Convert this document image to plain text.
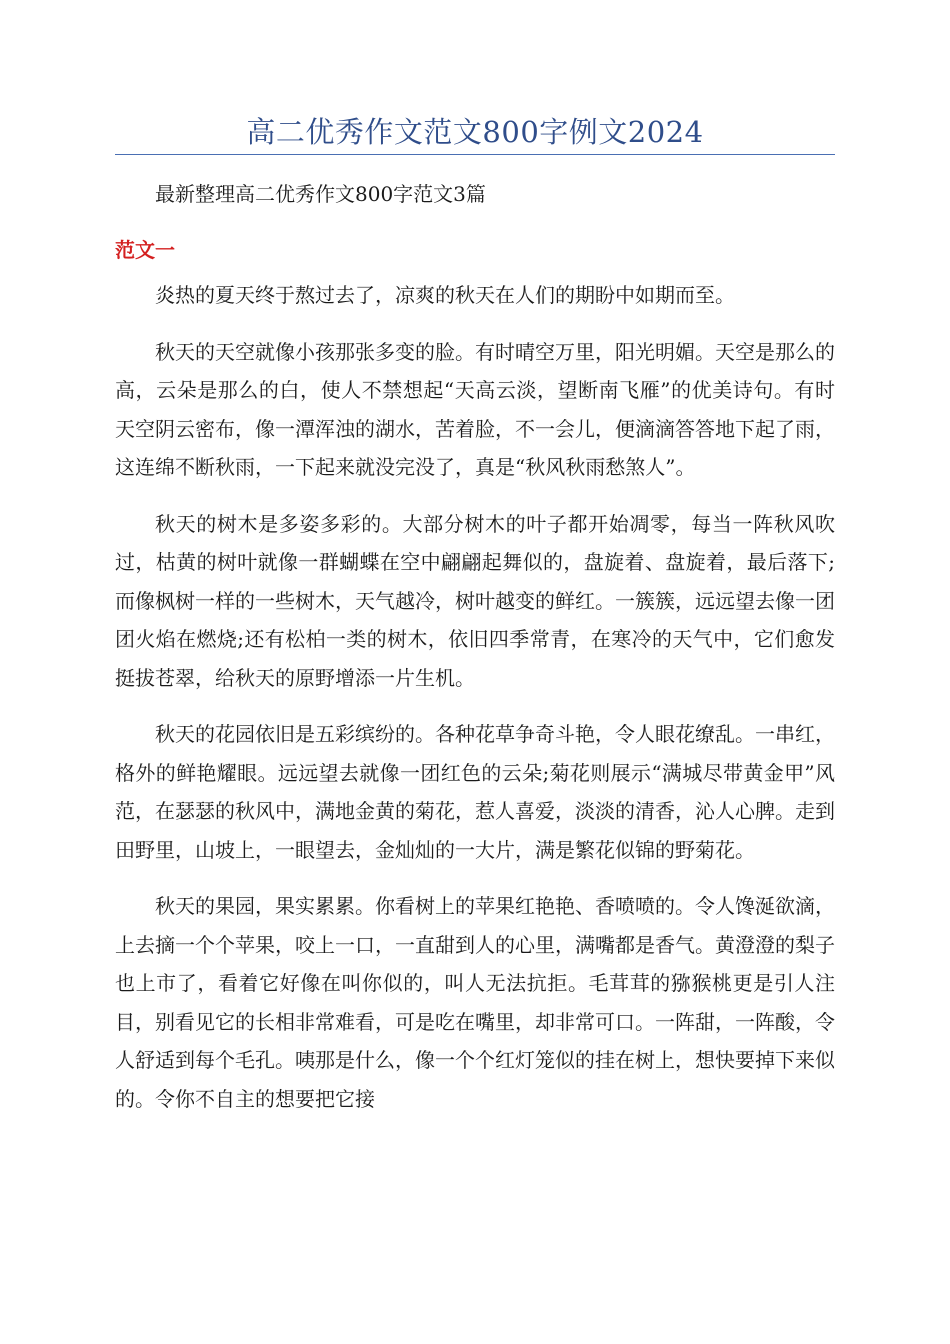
高二优秀作文范文800字例文2024

最新整理高二优秀作文800字范文3篇

范文一

炎热的夏天终于熬过去了，凉爽的秋天在人们的期盼中如期而至。

秋天的天空就像小孩那张多变的脸。有时晴空万里，阳光明媚。天空是那么的高，云朵是那么的白，使人不禁想起“天高云淡，望断南飞雁”的优美诗句。有时天空阴云密布，像一潭浑浊的湖水，苦着脸，不一会儿，便滴滴答答地下起了雨，这连绵不断秋雨，一下起来就没完没了，真是“秋风秋雨愁煞人”。

秋天的树木是多姿多彩的。大部分树木的叶子都开始凋零，每当一阵秋风吹过，枯黄的树叶就像一群蝴蝶在空中翩翩起舞似的，盘旋着、盘旋着，最后落下;而像枫树一样的一些树木，天气越冷，树叶越变的鲜红。一簇簇，远远望去像一团团火焰在燃烧;还有松柏一类的树木，依旧四季常青，在寒冷的天气中，它们愈发挺拔苍翠，给秋天的原野增添一片生机。

秋天的花园依旧是五彩缤纷的。各种花草争奇斗艳，令人眼花缭乱。一串红，格外的鲜艳耀眼。远远望去就像一团红色的云朵;菊花则展示“满城尽带黄金甲”风范，在瑟瑟的秋风中，满地金黄的菊花，惹人喜爱，淡淡的清香，沁人心脾。走到田野里，山坡上，一眼望去，金灿灿的一大片，满是繁花似锦的野菊花。

秋天的果园，果实累累。你看树上的苹果红艳艳、香喷喷的。令人馋涎欲滴，上去摘一个个苹果，咬上一口，一直甜到人的心里，满嘴都是香气。黄澄澄的梨子也上市了，看着它好像在叫你似的，叫人无法抗拒。毛茸茸的猕猴桃更是引人注目，别看见它的长相非常难看，可是吃在嘴里，却非常可口。一阵甜，一阵酸，令人舒适到每个毛孔。咦那是什么，像一个个红灯笼似的挂在树上，想快要掉下来似的。令你不自主的想要把它接
